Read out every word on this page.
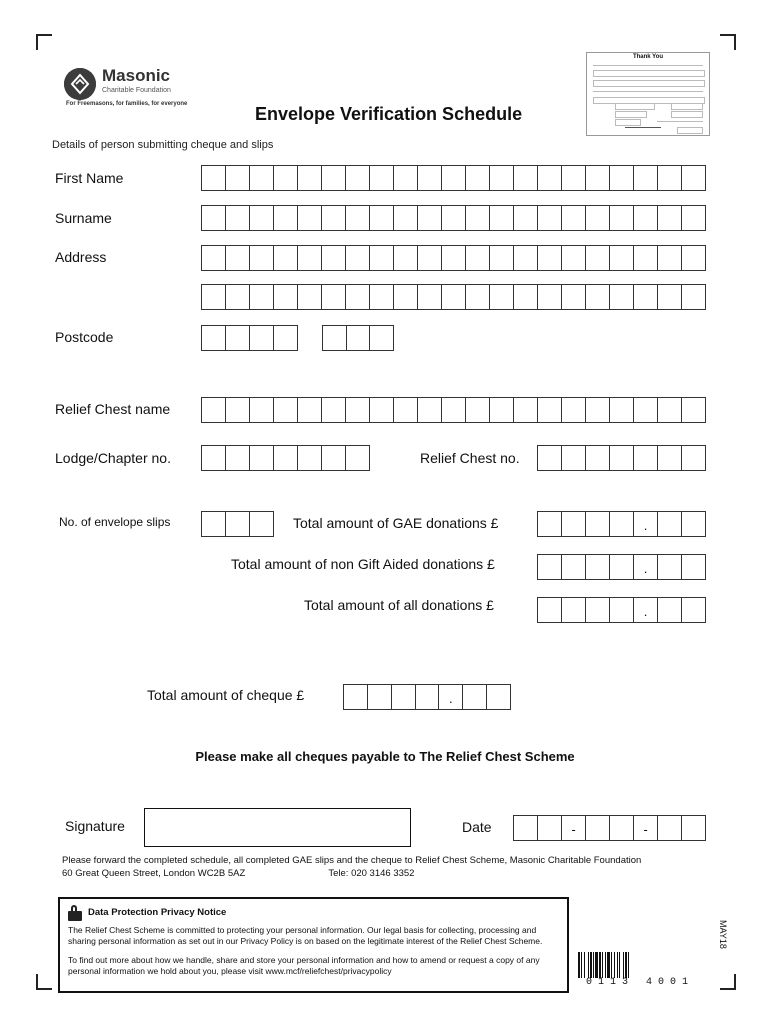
Masonic
Charitable Foundation
For Freemasons, for families, for everyone
Thank You
Envelope Verification Schedule
Details of person submitting cheque and slips
First Name
Surname
Address
Postcode
Relief Chest name
Lodge/Chapter no.	Relief Chest no.
No. of envelope slips	Total amount of GAE donations £
Total amount of non Gift Aided donations £
Total amount of all donations £
Total amount of cheque £
Signature	Date
.
.
.
.
-	-
Please make all cheques payable to The Relief Chest Scheme
Please forward the completed schedule, all completed GAE slips and the cheque to Relief Chest Scheme, Masonic Charitable Foundation
60 Great Queen Street, London WC2B 5AZ	Tele: 020 3146 3352
Data Protection Privacy Notice

The Relief Chest Scheme is committed to protecting your personal information. Our legal basis for collecting, processing and sharing personal information as set out in our Privacy Policy is on based on the legitimate interest of the Relief Chest Scheme.

To find out more about how we handle, share and store your personal information and how to amend or request a copy of any personal information we hold about you, please visit www.mcf/reliefchest/privacypolicy

MAY18
0113 4001
